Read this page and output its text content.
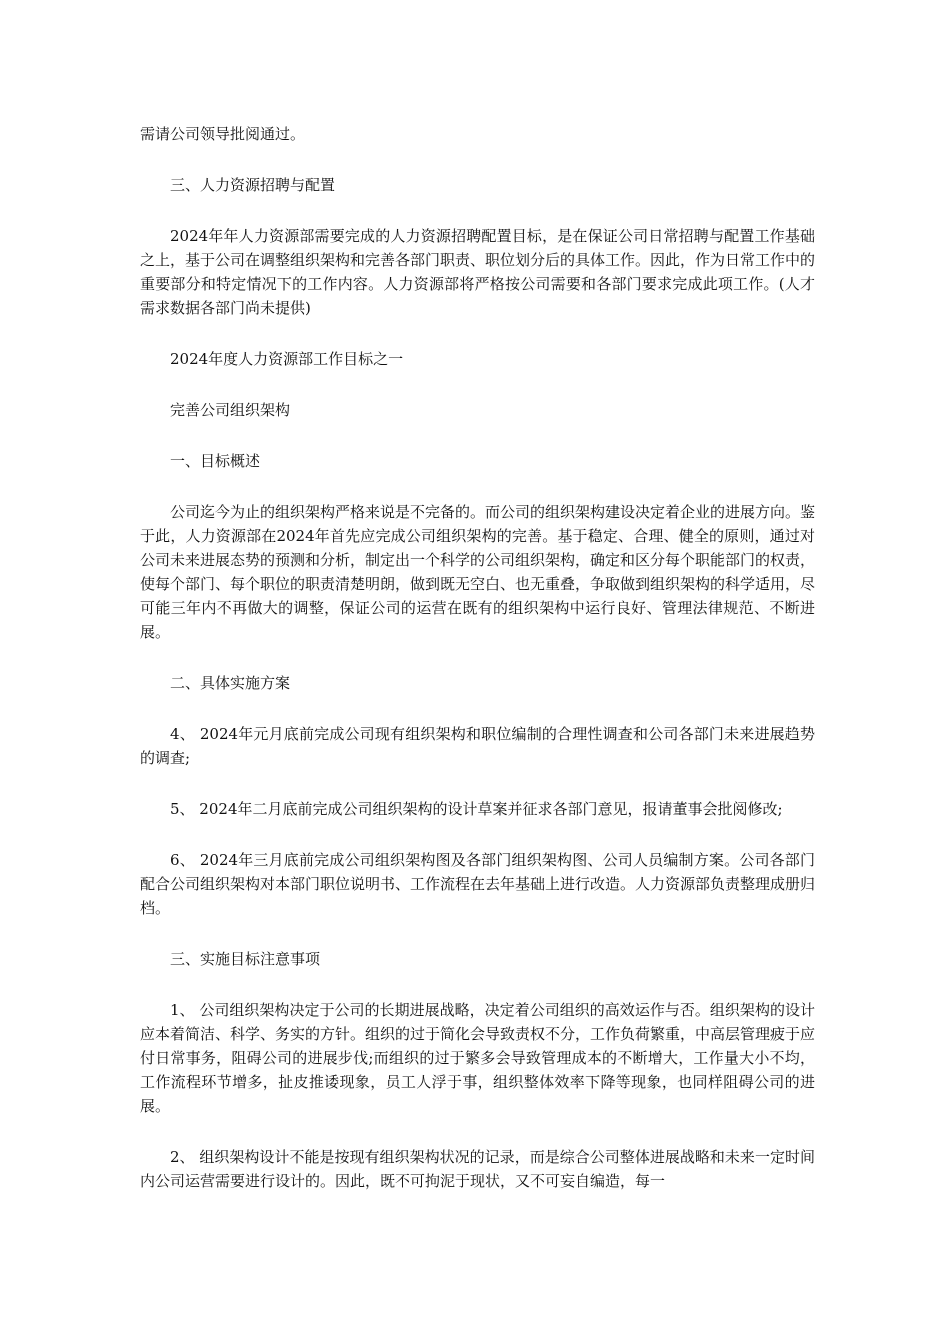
需请公司领导批阅通过。

三、人力资源招聘与配置

2024年年人力资源部需要完成的人力资源招聘配置目标，是在保证公司日常招聘与配置工作基础之上，基于公司在调整组织架构和完善各部门职责、职位划分后的具体工作。因此，作为日常工作中的重要部分和特定情况下的工作内容。人力资源部将严格按公司需要和各部门要求完成此项工作。(人才需求数据各部门尚未提供)

2024年度人力资源部工作目标之一

完善公司组织架构

一、目标概述

公司迄今为止的组织架构严格来说是不完备的。而公司的组织架构建设决定着企业的进展方向。鉴于此，人力资源部在2024年首先应完成公司组织架构的完善。基于稳定、合理、健全的原则，通过对公司未来进展态势的预测和分析，制定出一个科学的公司组织架构，确定和区分每个职能部门的权责，使每个部门、每个职位的职责清楚明朗，做到既无空白、也无重叠，争取做到组织架构的科学适用，尽可能三年内不再做大的调整，保证公司的运营在既有的组织架构中运行良好、管理法律规范、不断进展。

二、具体实施方案

4、 2024年元月底前完成公司现有组织架构和职位编制的合理性调查和公司各部门未来进展趋势的调查;

5、 2024年二月底前完成公司组织架构的设计草案并征求各部门意见，报请董事会批阅修改;

6、 2024年三月底前完成公司组织架构图及各部门组织架构图、公司人员编制方案。公司各部门配合公司组织架构对本部门职位说明书、工作流程在去年基础上进行改造。人力资源部负责整理成册归档。

三、实施目标注意事项

1、 公司组织架构决定于公司的长期进展战略，决定着公司组织的高效运作与否。组织架构的设计应本着简洁、科学、务实的方针。组织的过于简化会导致责权不分，工作负荷繁重，中高层管理疲于应付日常事务，阻碍公司的进展步伐;而组织的过于繁多会导致管理成本的不断增大，工作量大小不均，工作流程环节增多，扯皮推诿现象，员工人浮于事，组织整体效率下降等现象，也同样阻碍公司的进展。

2、 组织架构设计不能是按现有组织架构状况的记录，而是综合公司整体进展战略和未来一定时间内公司运营需要进行设计的。因此，既不可拘泥于现状，又不可妄自编造，每一
